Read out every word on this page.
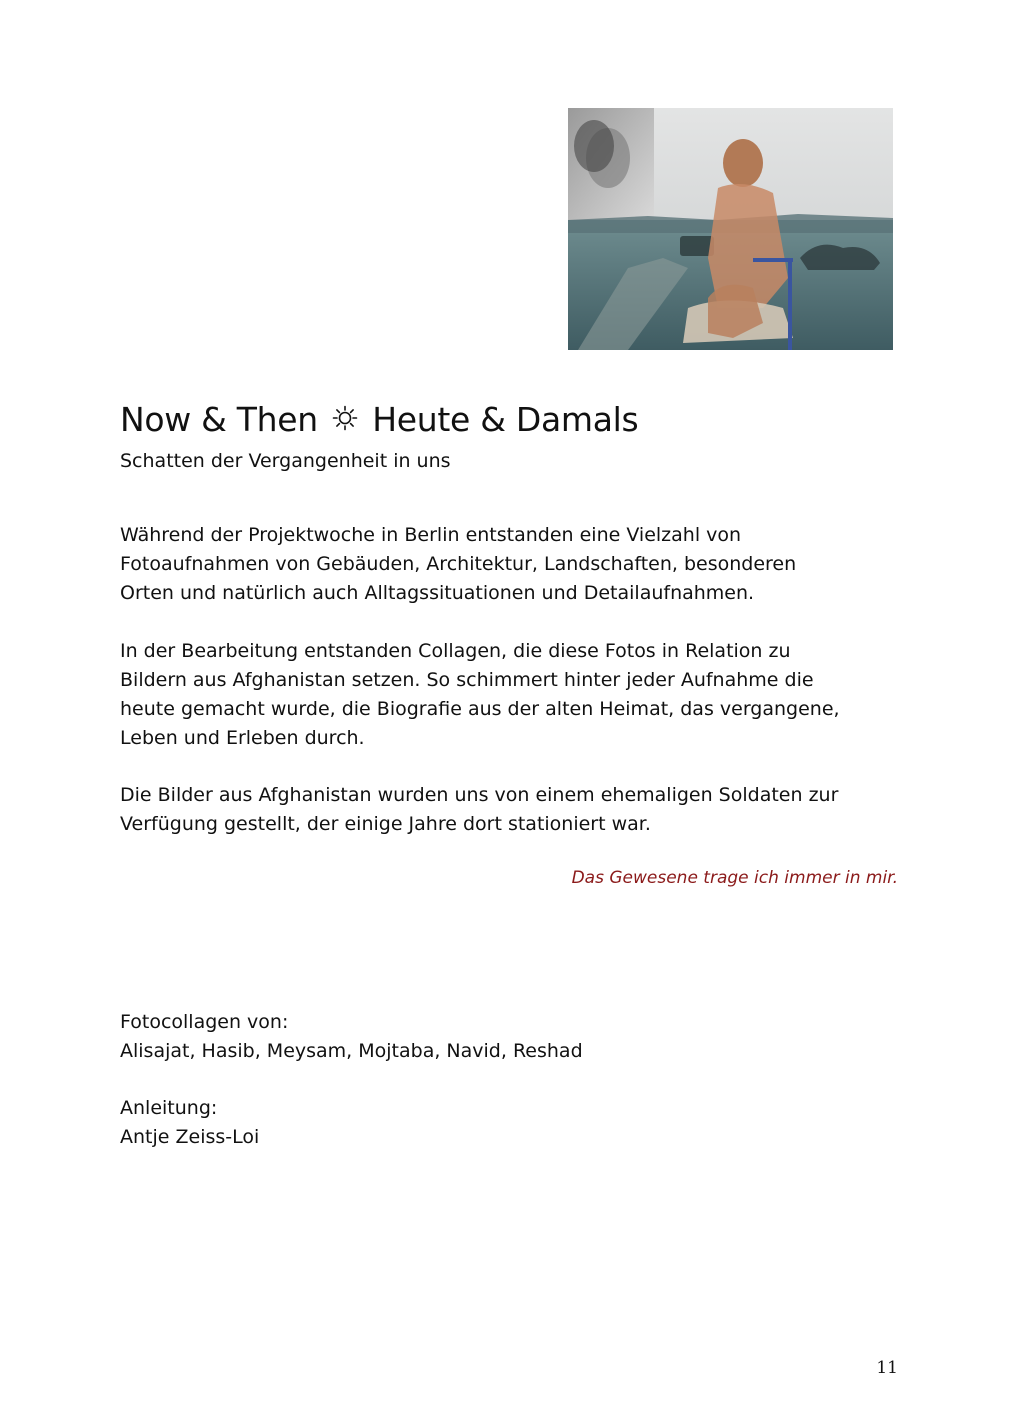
Now & Then Heute & Damals
Schatten der Vergangenheit in uns

Während der Projektwoche in Berlin entstanden eine Vielzahl von
Fotoaufnahmen von Gebäuden, Architektur, Landschaften, besonderen
Orten und natürlich auch Alltagssituationen und Detailaufnahmen.

In der Bearbeitung entstanden Collagen, die diese Fotos in Relation zu
Bildern aus Afghanistan setzen. So schimmert hinter jeder Aufnahme die
heute gemacht wurde, die Biografie aus der alten Heimat, das vergangene,
Leben und Erleben durch.

Die Bilder aus Afghanistan wurden uns von einem ehemaligen Soldaten zur
Verfügung gestellt, der einige Jahre dort stationiert war.

Das Gewesene trage ich immer in mir.

Fotocollagen von:
Alisajat, Hasib, Meysam, Mojtaba, Navid, Reshad

Anleitung:
Antje Zeiss-Loi

11
